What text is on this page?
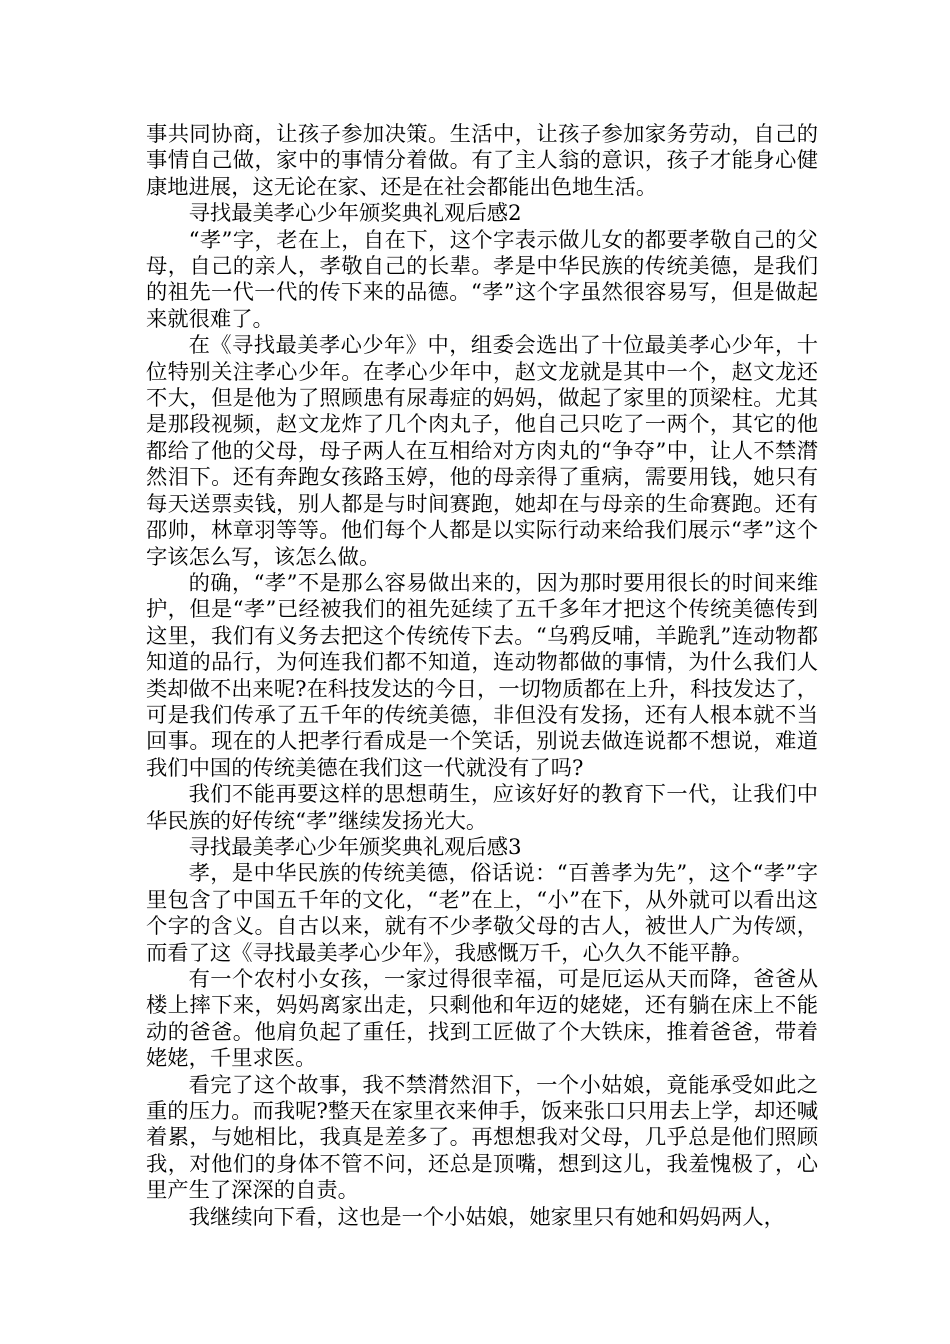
事共同协商，让孩子参加决策。生活中，让孩子参加家务劳动，自己的事情自己做，家中的事情分着做。有了主人翁的意识，孩子才能身心健康地进展，这无论在家、还是在社会都能出色地生活。

寻找最美孝心少年颁奖典礼观后感2

“孝”字，老在上，自在下，这个字表示做儿女的都要孝敬自己的父母，自己的亲人，孝敬自己的长辈。孝是中华民族的传统美德，是我们的祖先一代一代的传下来的品德。“孝”这个字虽然很容易写，但是做起来就很难了。

在《寻找最美孝心少年》中，组委会选出了十位最美孝心少年，十位特别关注孝心少年。在孝心少年中，赵文龙就是其中一个，赵文龙还不大，但是他为了照顾患有尿毒症的妈妈，做起了家里的顶梁柱。尤其是那段视频，赵文龙炸了几个肉丸子，他自己只吃了一两个，其它的他都给了他的父母，母子两人在互相给对方肉丸的“争夺”中，让人不禁潸然泪下。还有奔跑女孩路玉婷，他的母亲得了重病，需要用钱，她只有每天送票卖钱，别人都是与时间赛跑，她却在与母亲的生命赛跑。还有邵帅，林章羽等等。他们每个人都是以实际行动来给我们展示“孝”这个字该怎么写，该怎么做。

的确，“孝”不是那么容易做出来的，因为那时要用很长的时间来维护，但是“孝”已经被我们的祖先延续了五千多年才把这个传统美德传到这里，我们有义务去把这个传统传下去。“乌鸦反哺，羊跪乳”连动物都知道的品行，为何连我们都不知道，连动物都做的事情，为什么我们人类却做不出来呢?在科技发达的今日，一切物质都在上升，科技发达了，可是我们传承了五千年的传统美德，非但没有发扬，还有人根本就不当回事。现在的人把孝行看成是一个笑话，别说去做连说都不想说，难道我们中国的传统美德在我们这一代就没有了吗?

我们不能再要这样的思想萌生，应该好好的教育下一代，让我们中华民族的好传统“孝”继续发扬光大。

寻找最美孝心少年颁奖典礼观后感3

孝，是中华民族的传统美德，俗话说：“百善孝为先”，这个“孝”字里包含了中国五千年的文化，“老”在上，“小”在下，从外就可以看出这个字的含义。自古以来，就有不少孝敬父母的古人，被世人广为传颂，而看了这《寻找最美孝心少年》，我感慨万千，心久久不能平静。

有一个农村小女孩，一家过得很幸福，可是厄运从天而降，爸爸从楼上摔下来，妈妈离家出走，只剩他和年迈的姥姥，还有躺在床上不能动的爸爸。他肩负起了重任，找到工匠做了个大铁床，推着爸爸，带着姥姥，千里求医。

看完了这个故事，我不禁潸然泪下，一个小姑娘，竟能承受如此之重的压力。而我呢?整天在家里衣来伸手，饭来张口只用去上学，却还喊着累，与她相比，我真是差多了。再想想我对父母，几乎总是他们照顾我，对他们的身体不管不问，还总是顶嘴，想到这儿，我羞愧极了，心里产生了深深的自责。

我继续向下看，这也是一个小姑娘，她家里只有她和妈妈两人，
